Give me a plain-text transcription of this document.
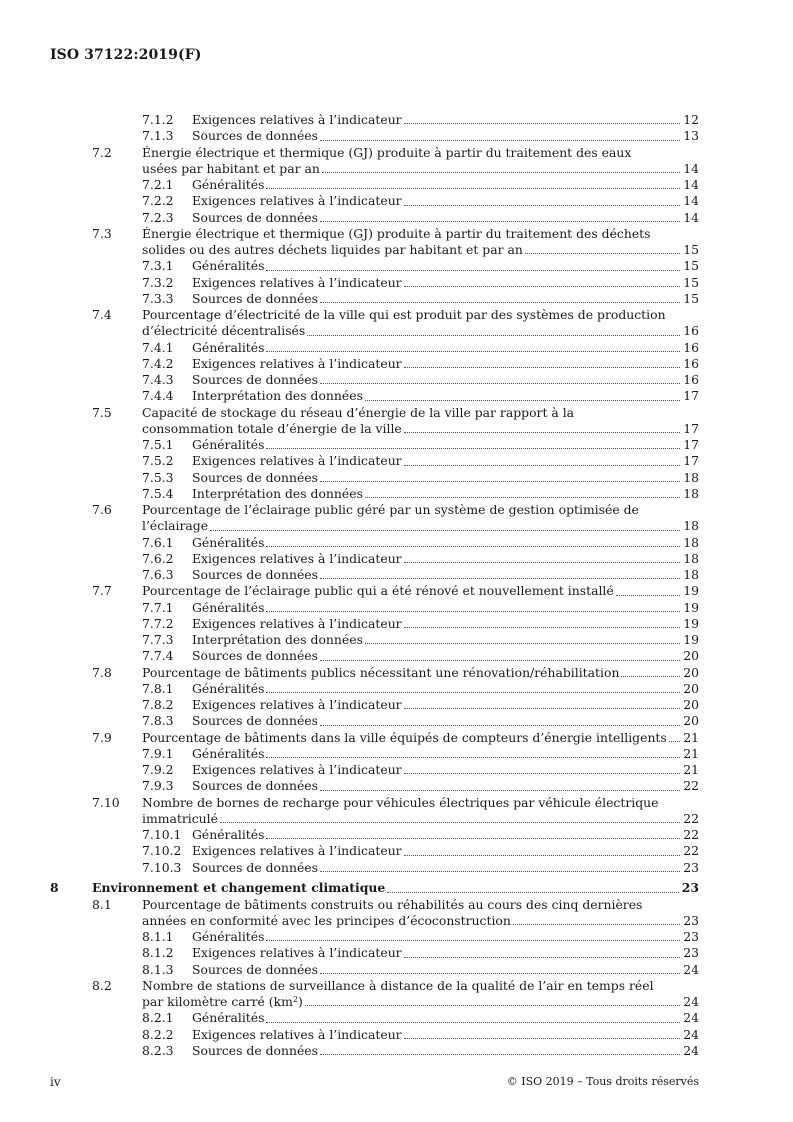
ISO 37122:2019(F)
7.1.2	Exigences relatives à l’indicateur	12
7.1.3	Sources de données	13
7.2	Énergie électrique et thermique (GJ) produite à partir du traitement des eaux
usées par habitant et par an	14
7.2.1	Généralités	14
7.2.2	Exigences relatives à l’indicateur	14
7.2.3	Sources de données	14
7.3	Énergie électrique et thermique (GJ) produite à partir du traitement des déchets
solides ou des autres déchets liquides par habitant et par an	15
7.3.1	Généralités	15
7.3.2	Exigences relatives à l’indicateur	15
7.3.3	Sources de données	15
7.4	Pourcentage d’électricité de la ville qui est produit par des systèmes de production
d’électricité décentralisés	16
7.4.1	Généralités	16
7.4.2	Exigences relatives à l’indicateur	16
7.4.3	Sources de données	16
7.4.4	Interprétation des données	17
7.5	Capacité de stockage du réseau d’énergie de la ville par rapport à la
consommation totale d’énergie de la ville	17
7.5.1	Généralités	17
7.5.2	Exigences relatives à l’indicateur	17
7.5.3	Sources de données	18
7.5.4	Interprétation des données	18
7.6	Pourcentage de l’éclairage public géré par un système de gestion optimisée de
l’éclairage	18
7.6.1	Généralités	18
7.6.2	Exigences relatives à l’indicateur	18
7.6.3	Sources de données	18
7.7	Pourcentage de l’éclairage public qui a été rénové et nouvellement installé	19
7.7.1	Généralités	19
7.7.2	Exigences relatives à l’indicateur	19
7.7.3	Interprétation des données	19
7.7.4	Sources de données	20
7.8	Pourcentage de bâtiments publics nécessitant une rénovation/réhabilitation	20
7.8.1	Généralités	20
7.8.2	Exigences relatives à l’indicateur	20
7.8.3	Sources de données	20
7.9	Pourcentage de bâtiments dans la ville équipés de compteurs d’énergie intelligents 21
7.9.1	Généralités	21
7.9.2	Exigences relatives à l’indicateur	21
7.9.3	Sources de données	22
7.10	Nombre de bornes de recharge pour véhicules électriques par véhicule électrique
immatriculé	22
7.10.1 Généralités	22
7.10.2 Exigences relatives à l’indicateur	22
7.10.3 Sources de données	23
8	Environnement et changement climatique	23
8.1	Pourcentage de bâtiments construits ou réhabilités au cours des cinq dernières
années en conformité avec les principes d’écoconstruction	23
8.1.1	Généralités	23
8.1.2	Exigences relatives à l’indicateur	23
8.1.3	Sources de données	24
8.2	Nombre de stations de surveillance à distance de la qualité de l’air en temps réel
par kilomètre carré $(km^2)$	24
8.2.1	Généralités	24
8.2.2	Exigences relatives à l’indicateur	24
8.2.3	Sources de données	24
iv	© ISO 2019 – Tous droits réservés
